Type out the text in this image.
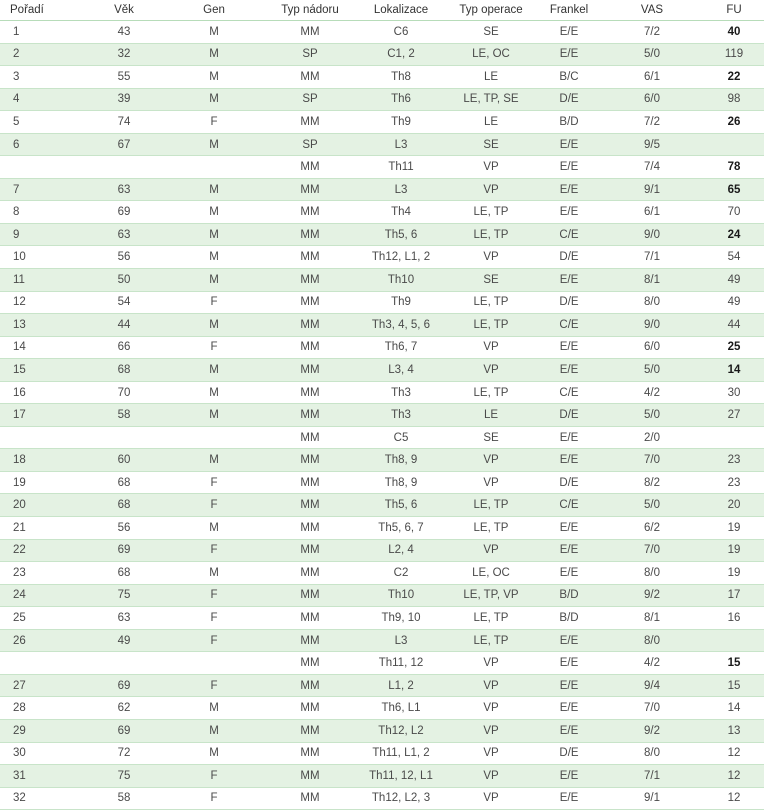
Pořadí	Věk	Gen	Typ nádoru	Lokalizace	Typ operace	Frankel	VAS	FU
1	43	M	MM	C6	SE	E/E	7/2	40
2	32	M	SP	C1, 2	LE, OC	E/E	5/0	119
3	55	M	MM	Th8	LE	B/C	6/1	22
4	39	M	SP	Th6	LE, TP, SE	D/E	6/0	98
5	74	F	MM	Th9	LE	B/D	7/2	26
6	67	M	SP	L3	SE	E/E	9/5	
			MM	Th11	VP	E/E	7/4	78
7	63	M	MM	L3	VP	E/E	9/1	65
8	69	M	MM	Th4	LE, TP	E/E	6/1	70
9	63	M	MM	Th5, 6	LE, TP	C/E	9/0	24
10	56	M	MM	Th12, L1, 2	VP	D/E	7/1	54
11	50	M	MM	Th10	SE	E/E	8/1	49
12	54	F	MM	Th9	LE, TP	D/E	8/0	49
13	44	M	MM	Th3, 4, 5, 6	LE, TP	C/E	9/0	44
14	66	F	MM	Th6, 7	VP	E/E	6/0	25
15	68	M	MM	L3, 4	VP	E/E	5/0	14
16	70	M	MM	Th3	LE, TP	C/E	4/2	30
17	58	M	MM	Th3	LE	D/E	5/0	27
			MM	C5	SE	E/E	2/0	
18	60	M	MM	Th8, 9	VP	E/E	7/0	23
19	68	F	MM	Th8, 9	VP	D/E	8/2	23
20	68	F	MM	Th5, 6	LE, TP	C/E	5/0	20
21	56	M	MM	Th5, 6, 7	LE, TP	E/E	6/2	19
22	69	F	MM	L2, 4	VP	E/E	7/0	19
23	68	M	MM	C2	LE, OC	E/E	8/0	19
24	75	F	MM	Th10	LE, TP, VP	B/D	9/2	17
25	63	F	MM	Th9, 10	LE, TP	B/D	8/1	16
26	49	F	MM	L3	LE, TP	E/E	8/0	
			MM	Th11, 12	VP	E/E	4/2	15
27	69	F	MM	L1, 2	VP	E/E	9/4	15
28	62	M	MM	Th6, L1	VP	E/E	7/0	14
29	69	M	MM	Th12, L2	VP	E/E	9/2	13
30	72	M	MM	Th11, L1, 2	VP	D/E	8/0	12
31	75	F	MM	Th11, 12, L1	VP	E/E	7/1	12
32	58	F	MM	Th12, L2, 3	VP	E/E	9/1	12
